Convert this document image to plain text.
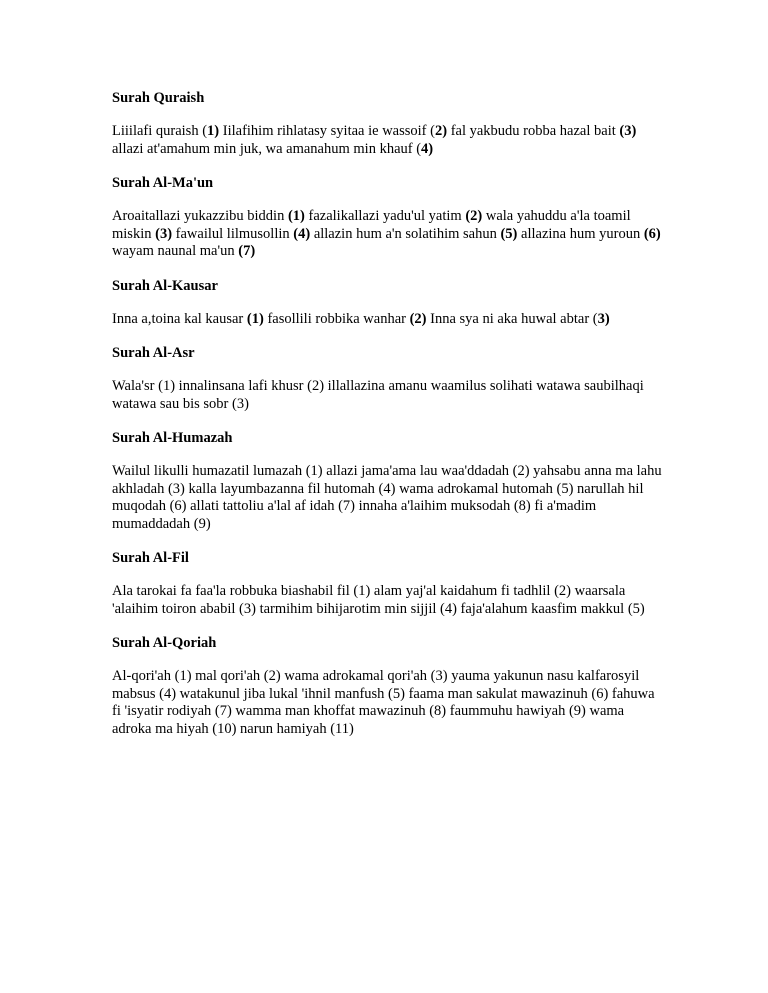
Surah Quraish
Liiilafi quraish (1) Iilafihim rihlatasy syitaa ie wassoif (2) fal yakbudu robba hazal bait (3) allazi at'amahum min juk, wa amanahum min khauf (4)
Surah Al-Ma'un
Aroaitallazi yukazzibu biddin (1) fazalikallazi yadu'ul yatim (2) wala yahuddu a'la toamil miskin (3) fawailul lilmusollin (4) allazin hum a'n solatihim sahun (5) allazina hum yuroun (6) wayam naunal ma'un (7)
Surah Al-Kausar
Inna a,toina kal kausar (1) fasollili robbika wanhar (2) Inna sya ni aka huwal abtar (3)
Surah Al-Asr
Wala'sr (1) innalinsana lafi khusr (2) illallazina amanu waamilus solihati watawa saubilhaqi watawa sau bis sobr (3)
Surah Al-Humazah
Wailul likulli humazatil lumazah (1) allazi jama'ama lau waa'ddadah (2) yahsabu anna ma lahu akhladah (3) kalla layumbazanna fil hutomah (4) wama adrokamal hutomah (5) narullah hil muqodah (6) allati tattoliu a'lal af idah (7) innaha a'laihim muksodah (8) fi a'madim mumaddadah (9)
Surah Al-Fil
Ala tarokai fa faa'la robbuka biashabil fil (1) alam yaj'al kaidahum fi tadhlil (2) waarsala 'alaihim toiron ababil (3) tarmihim bihijarotim min sijjil (4) faja'alahum kaasfim makkul (5)
Surah Al-Qoriah
Al-qori'ah (1) mal qori'ah (2) wama adrokamal qori'ah (3) yauma yakunun nasu kalfarosyil mabsus (4) watakunul jiba lukal 'ihnil manfush (5) faama man sakulat mawazinuh (6) fahuwa fi 'isyatir rodiyah (7) wamma man khoffat mawazinuh (8) faummuhu hawiyah (9) wama adroka ma hiyah (10) narun hamiyah (11)
